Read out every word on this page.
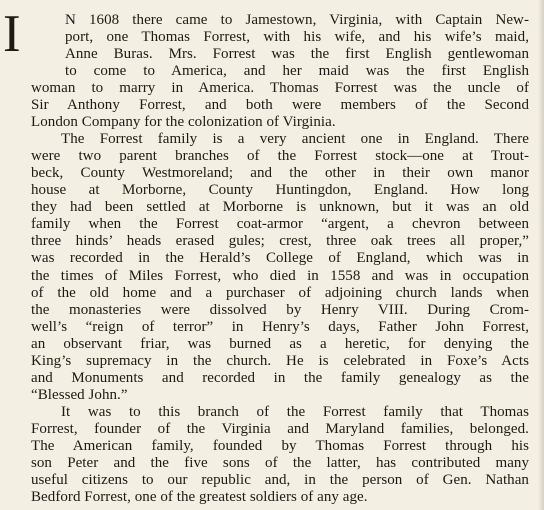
I	N 1608 there came to Jamestown, Virginia, with Captain New-
port, one Thomas Forrest, with his wife, and his wife’s maid,
Anne Buras. Mrs. Forrest was the first English gentlewoman
to come to America, and her maid was the first English
woman to marry in America. Thomas Forrest was the uncle of
Sir Anthony Forrest, and both were members of the Second
London Company for the colonization of Virginia.
The Forrest family is a very ancient one in England. There
were two parent branches of the Forrest stock—one at Trout-
beck, County Westmoreland; and the other in their own manor
house at Morborne, County Huntingdon, England. How long
they had been settled at Morborne is unknown, but it was an old
family when the Forrest coat-armor “argent, a chevron between
three hinds’ heads erased gules; crest, three oak trees all proper,”
was recorded in the Herald’s College of England, which was in
the times of Miles Forrest, who died in 1558 and was in occupation
of the old home and a purchaser of adjoining church lands when
the monasteries were dissolved by Henry VIII. During Crom-
well’s “reign of terror” in Henry’s days, Father John Forrest,
an observant friar, was burned as a heretic, for denying the
King’s supremacy in the church. He is celebrated in Foxe’s Acts
and Monuments and recorded in the family genealogy as the
“Blessed John.”
It was to this branch of the Forrest family that Thomas
Forrest, founder of the Virginia and Maryland families, belonged.
The American family, founded by Thomas Forrest through his
son Peter and the five sons of the latter, has contributed many
useful citizens to our republic and, in the person of Gen. Nathan
Bedford Forrest, one of the greatest soldiers of any age.
